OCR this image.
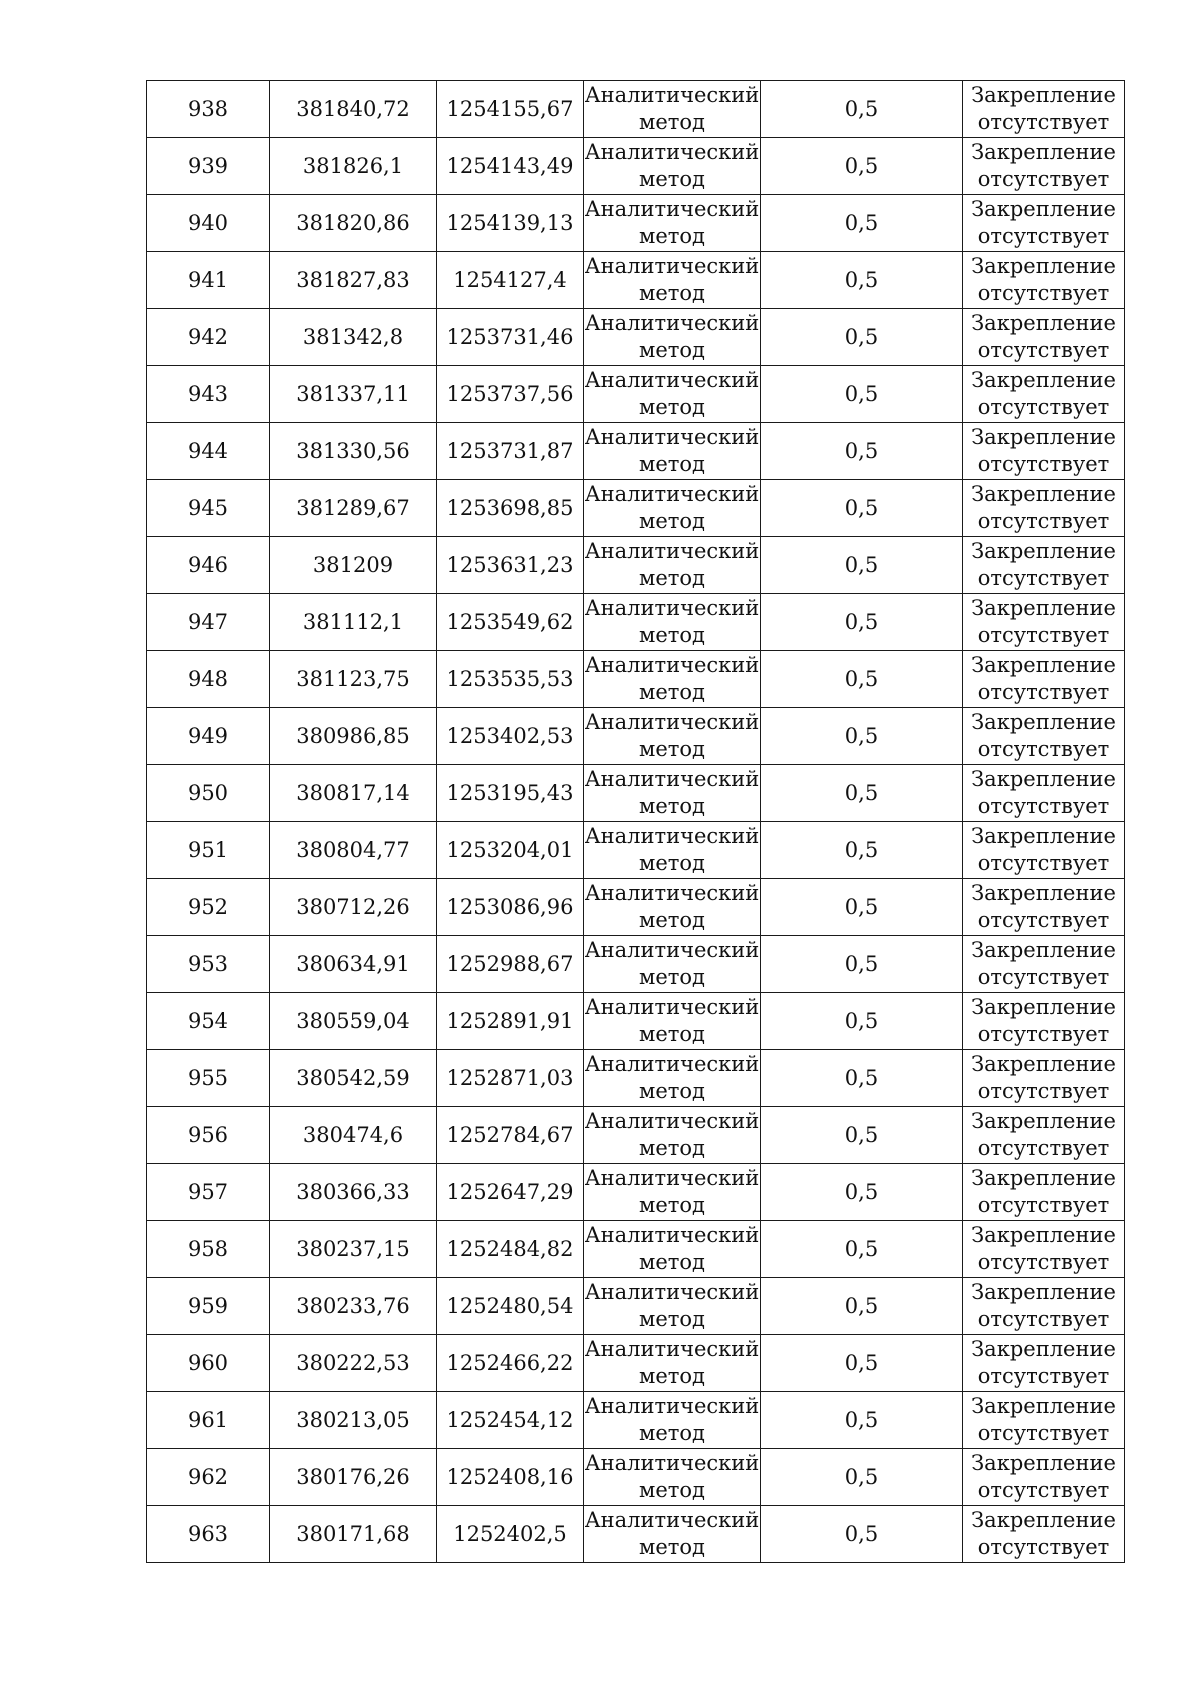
938	381840,72	1254155,67	Аналитический
метод	0,5	Закрепление
отсутствует

939	381826,1	1254143,49	Аналитический
метод	0,5	Закрепление
отсутствует

940	381820,86	1254139,13	Аналитический
метод	0,5	Закрепление
отсутствует

941	381827,83	1254127,4	Аналитический
метод	0,5	Закрепление
отсутствует

942	381342,8	1253731,46	Аналитический
метод	0,5	Закрепление
отсутствует

943	381337,11	1253737,56	Аналитический
метод	0,5	Закрепление
отсутствует

944	381330,56	1253731,87	Аналитический
метод	0,5	Закрепление
отсутствует

945	381289,67	1253698,85	Аналитический
метод	0,5	Закрепление
отсутствует

946	381209	1253631,23	Аналитический
метод	0,5	Закрепление
отсутствует

947	381112,1	1253549,62	Аналитический
метод	0,5	Закрепление
отсутствует

948	381123,75	1253535,53	Аналитический
метод	0,5	Закрепление
отсутствует

949	380986,85	1253402,53	Аналитический
метод	0,5	Закрепление
отсутствует

950	380817,14	1253195,43	Аналитический
метод	0,5	Закрепление
отсутствует

951	380804,77	1253204,01	Аналитический
метод	0,5	Закрепление
отсутствует

952	380712,26	1253086,96	Аналитический
метод	0,5	Закрепление
отсутствует

953	380634,91	1252988,67	Аналитический
метод	0,5	Закрепление
отсутствует

954	380559,04	1252891,91	Аналитический
метод	0,5	Закрепление
отсутствует

955	380542,59	1252871,03	Аналитический
метод	0,5	Закрепление
отсутствует

956	380474,6	1252784,67	Аналитический
метод	0,5	Закрепление
отсутствует

957	380366,33	1252647,29	Аналитический
метод	0,5	Закрепление
отсутствует

958	380237,15	1252484,82	Аналитический
метод	0,5	Закрепление
отсутствует

959	380233,76	1252480,54	Аналитический
метод	0,5	Закрепление
отсутствует

960	380222,53	1252466,22	Аналитический
метод	0,5	Закрепление
отсутствует

961	380213,05	1252454,12	Аналитический
метод	0,5	Закрепление
отсутствует

962	380176,26	1252408,16	Аналитический
метод	0,5	Закрепление
отсутствует

963	380171,68	1252402,5	Аналитический
метод	0,5	Закрепление
отсутствует
